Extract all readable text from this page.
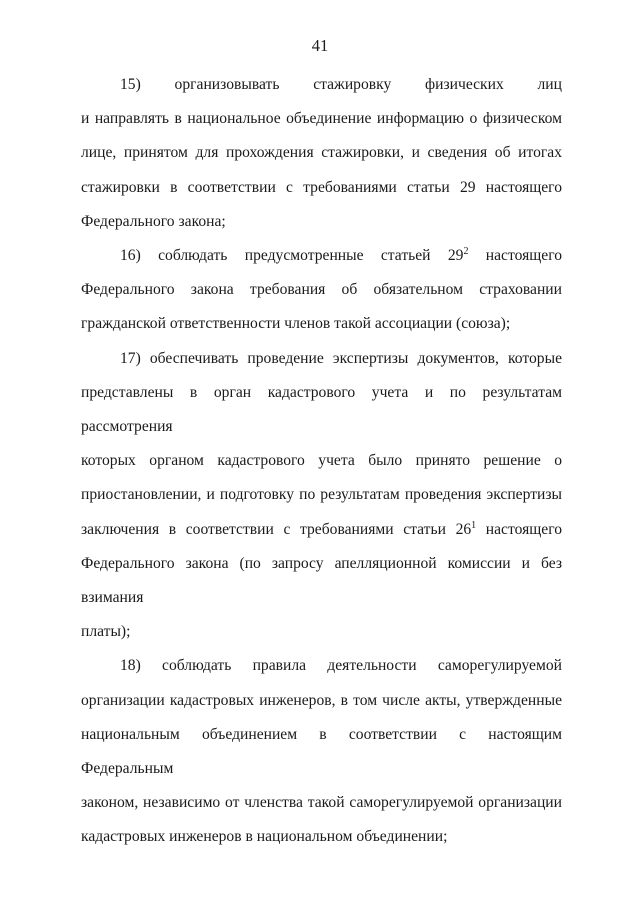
41
15) организовывать стажировку физических лиц
и направлять в национальное объединение информацию о физическом
лице, принятом для прохождения стажировки, и сведения об итогах
стажировки в соответствии с требованиями статьи 29 настоящего
Федерального закона;
16) соблюдать предусмотренные статьей $29^2$ настоящего
Федерального закона требования об обязательном страховании
гражданской ответственности членов такой ассоциации (союза);
17) обеспечивать проведение экспертизы документов, которые
представлены в орган кадастрового учета и по результатам рассмотрения
которых органом кадастрового учета было принято решение о
приостановлении, и подготовку по результатам проведения экспертизы
заключения в соответствии с требованиями статьи $26^1$ настоящего
Федерального закона (по запросу апелляционной комиссии и без взимания
платы);
18) соблюдать правила деятельности саморегулируемой
организации кадастровых инженеров, в том числе акты, утвержденные
национальным объединением в соответствии с настоящим Федеральным
законом, независимо от членства такой саморегулируемой организации
кадастровых инженеров в национальном объединении;
